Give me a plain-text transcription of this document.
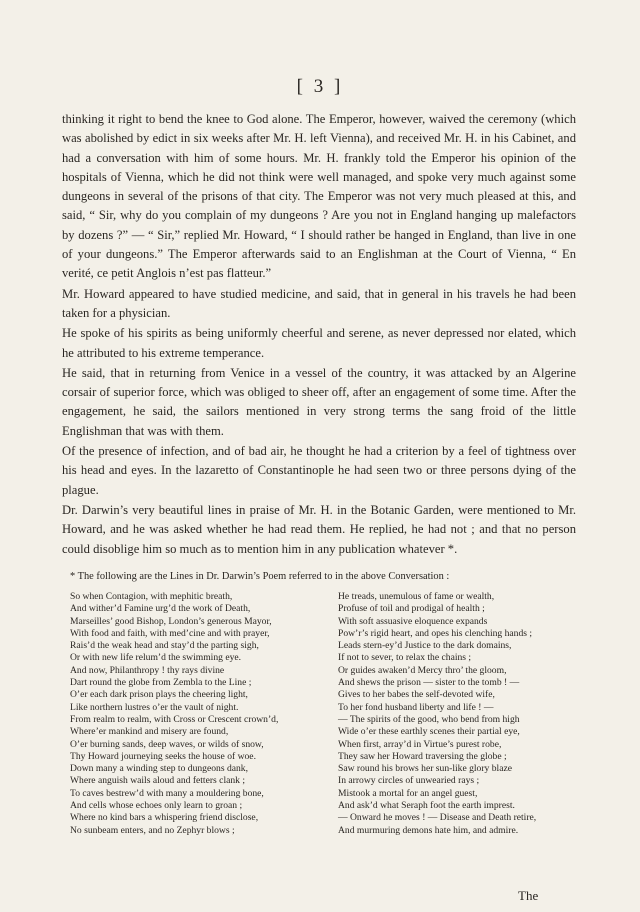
[ 3 ]

thinking it right to bend the knee to God alone. The Emperor, however, waived the ceremony (which was abolished by edict in six weeks after Mr. H. left Vienna), and received Mr. H. in his Cabinet, and had a conversation with him of some hours. Mr. H. frankly told the Emperor his opinion of the hospitals of Vienna, which he did not think were well managed, and spoke very much against some dungeons in several of the prisons of that city. The Emperor was not very much pleased at this, and said, “ Sir, why do you complain of my dungeons ? Are you not in England hanging up malefactors by dozens ?” — “ Sir,” replied Mr. Howard, “ I should rather be hanged in England, than live in one of your dungeons.” The Emperor afterwards said to an Englishman at the Court of Vienna, “ En verité, ce petit Anglois n’est pas flatteur.”

Mr. Howard appeared to have studied medicine, and said, that in general in his travels he had been taken for a physician.

He spoke of his spirits as being uniformly cheerful and serene, as never depressed nor elated, which he attributed to his extreme temperance.

He said, that in returning from Venice in a vessel of the country, it was attacked by an Algerine corsair of superior force, which was obliged to sheer off, after an engagement of some time. After the engagement, he said, the sailors mentioned in very strong terms the sang froid of the little Englishman that was with them.

Of the presence of infection, and of bad air, he thought he had a criterion by a feel of tightness over his head and eyes. In the lazaretto of Constantinople he had seen two or three persons dying of the plague.

Dr. Darwin’s very beautiful lines in praise of Mr. H. in the Botanic Garden, were mentioned to Mr. Howard, and he was asked whether he had read them. He replied, he had not ; and that no person could disoblige him so much as to mention him in any publication whatever *.

* The following are the Lines in Dr. Darwin’s Poem referred to in the above Conversation :
So when Contagion, with mephitic breath,
And wither’d Famine urg’d the work of Death,
Marseilles’ good Bishop, London’s generous Mayor,
With food and faith, with med’cine and with prayer,
Rais’d the weak head and stay’d the parting sigh,
Or with new life relum’d the swimming eye.
And now, Philanthropy ! thy rays divine
Dart round the globe from Zembla to the Line ;
O’er each dark prison plays the cheering light,
Like northern lustres o’er the vault of night.
From realm to realm, with Cross or Crescent crown’d,
Where’er mankind and misery are found,
O’er burning sands, deep waves, or wilds of snow,
Thy Howard journeying seeks the house of woe.
Down many a winding step to dungeons dank,
Where anguish wails aloud and fetters clank ;
To caves bestrew’d with many a mouldering bone,
And cells whose echoes only learn to groan ;
Where no kind bars a whispering friend disclose,
No sunbeam enters, and no Zephyr blows ;
He treads, unemulous of fame or wealth,
Profuse of toil and prodigal of health ;
With soft assuasive eloquence expands
Pow’r’s rigid heart, and opes his clenching hands ;
Leads stern-ey’d Justice to the dark domains,
If not to sever, to relax the chains ;
Or guides awaken’d Mercy thro’ the gloom,
And shews the prison — sister to the tomb ! —
Gives to her babes the self-devoted wife,
To her fond husband liberty and life ! —
— The spirits of the good, who bend from high
Wide o’er these earthly scenes their partial eye,
When first, array’d in Virtue’s purest robe,
They saw her Howard traversing the globe ;
Saw round his brows her sun-like glory blaze
In arrowy circles of unwearied rays ;
Mistook a mortal for an angel guest,
And ask’d what Seraph foot the earth imprest.
— Onward he moves ! — Disease and Death retire,
And murmuring demons hate him, and admire.
The
